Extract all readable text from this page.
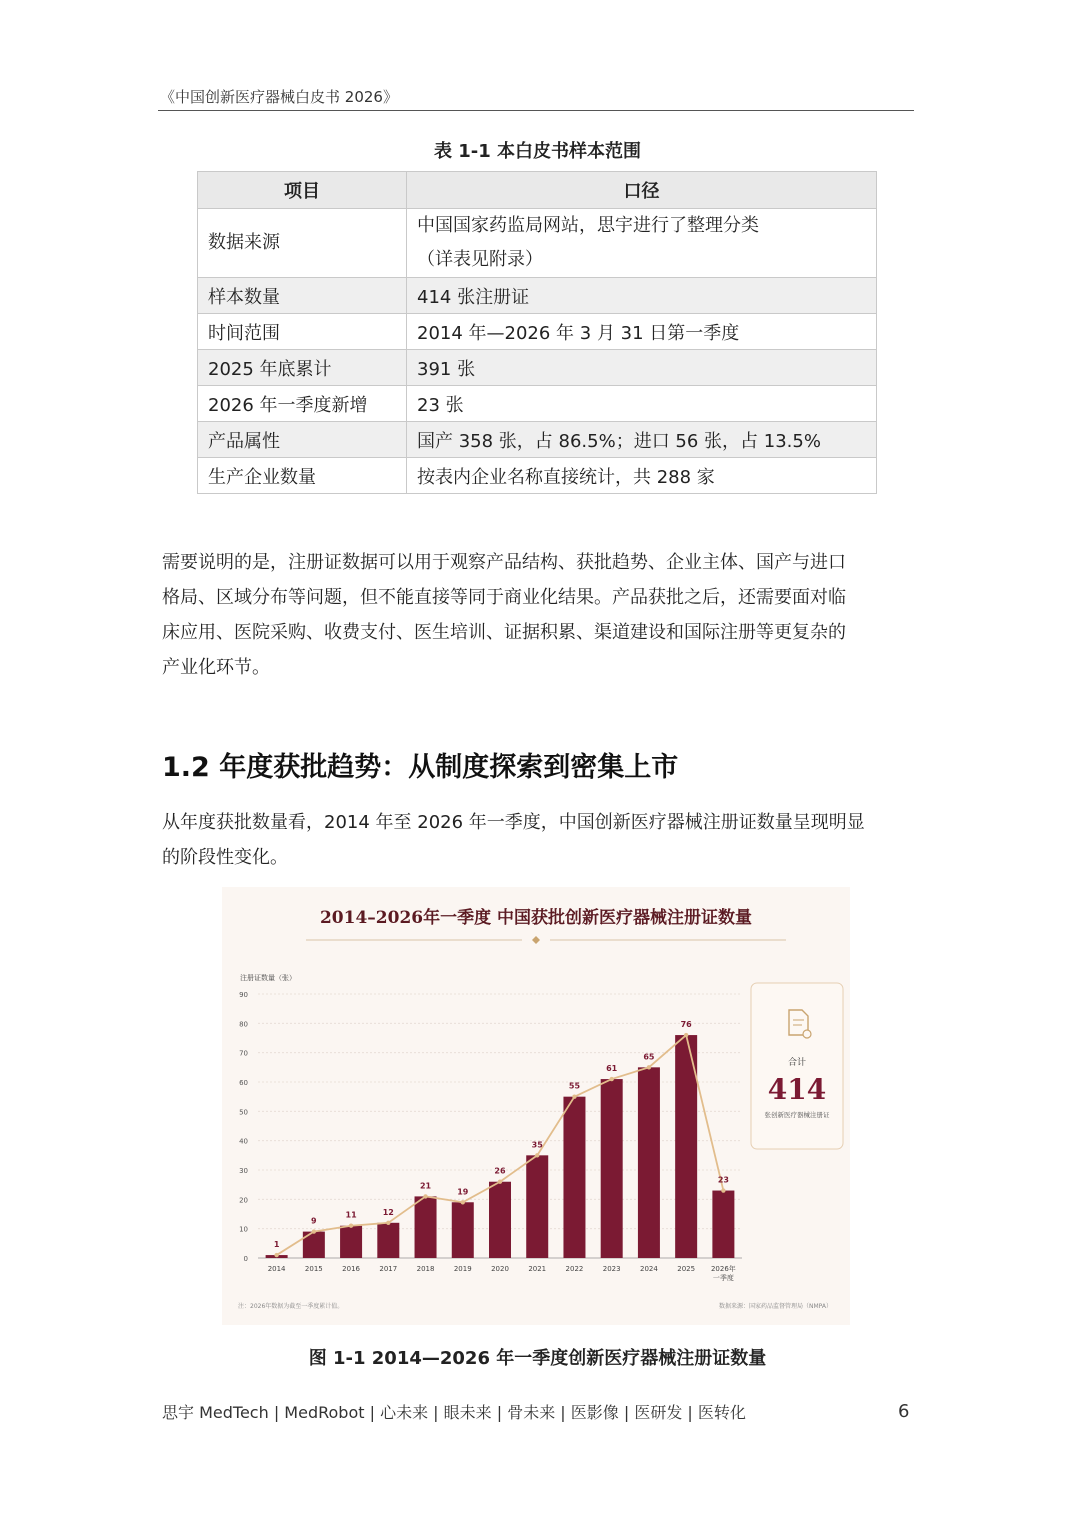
《中国创新医疗器械白皮书 2026》
表 1-1 本白皮书样本范围
项目	口径
数据来源	中国国家药监局网站，思宇进行了整理分类
（详表见附录）

样本数量	414 张注册证
时间范围	2014 年—2026 年 3 月 31 日第一季度
2025 年底累计	391 张
2026 年一季度新增	23 张
产品属性	国产 358 张，占 86.5%；进口 56 张，占 13.5%
生产企业数量	按表内企业名称直接统计，共 288 家
需要说明的是，注册证数据可以用于观察产品结构、获批趋势、企业主体、国产与进口
格局、区域分布等问题，但不能直接等同于商业化结果。产品获批之后，还需要面对临
床应用、医院采购、收费支付、医生培训、证据积累、渠道建设和国际注册等更复杂的
产业化环节。
1.2 年度获批趋势：从制度探索到密集上市
从年度获批数量看，2014 年至 2026 年一季度，中国创新医疗器械注册证数量呈现明显
的阶段性变化。
2014–2026年一季度 中国获批创新医疗器械注册证数量
注册证数量（张）
0
10
20
30
40
50
60
70
80
90
1
9
11	12
21
19
26
35
55
61
65
76
23
2014	2015	2016	2017	2018	2019	2020	2021	2022	2023	2024	2025 2026年
一季度
合计
414
张创新医疗器械注册证
注：2026年数据为截至一季度累计值。	数据来源：国家药品监督管理局（NMPA）
图 1-1 2014—2026 年一季度创新医疗器械注册证数量
思宇 MedTech | MedRobot | 心未来 | 眼未来 | 骨未来 | 医影像 | 医研发 | 医转化	6
